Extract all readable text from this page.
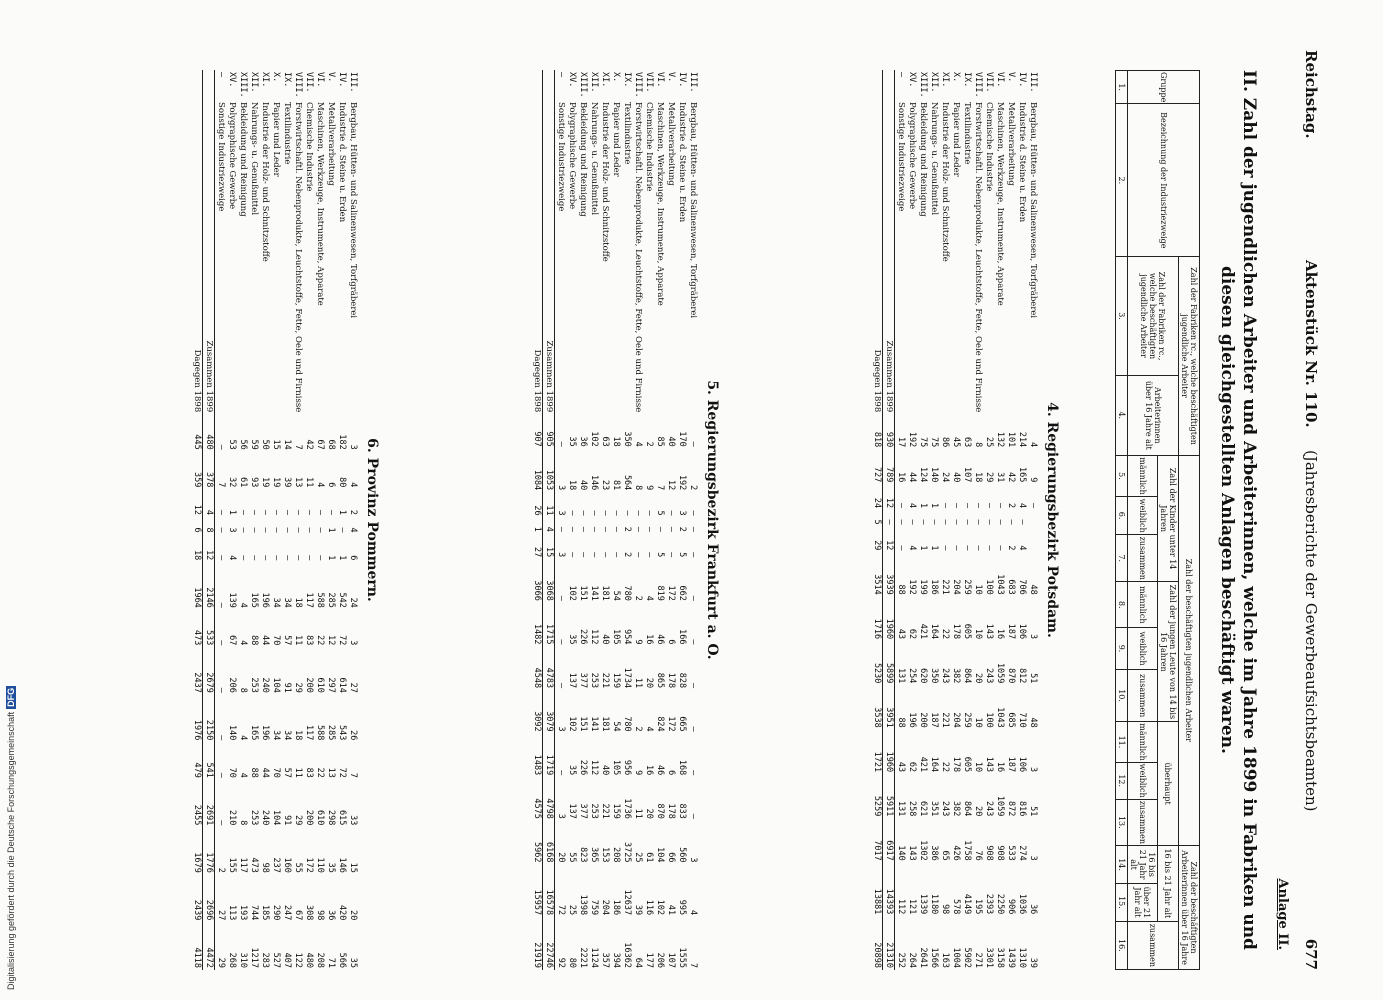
Reichstag.
Aktenstück Nr. 110.
(Jahresberichte der Gewerbeaufsichtsbeamten)
677
Anlage II.
II. Zahl der jugendlichen Arbeiter und Arbeiterinnen, welche im Jahre 1899 in Fabriken und diesen gleichgestellten Anlagen beschäftigt waren.
Gruppe	Bezeichnung der Industriezweige	Zahl der Fabriken rc., welche beschäftigten jugendliche Arbeiter		Zahl der beschäftigten jugendlichen Arbeiter									Zahl der beschäftigten Arbeiterinnen über 16 Jahre		
		Zahl der Fabriken rc., welche beschäftigten jugendliche Arbeiter	Arbeiterinnen über 16 Jahre alt	Zahl der Kinder unter 14 Jahren			Zahl der jungen Leute von 14 bis 16 Jahren			überhaupt			16 bis 21 Jahr alt		zusammen
				männlich	weiblich	zusammen	männlich	weiblich	zusammen	männlich	weiblich	zusammen	16 bis 21 Jahr alt	über 21 Jahr alt	
1.	2.	3.	4.	5.	6.	7.	8.	9.	10.	11.	12.	13.	14.	15.	16.
4. Regierungsbezirk Potsdam.
III.	Bergbau, Hütten- und Salinenwesen, Torfgräberei	4	9	—			48	3	51	48	3	51	3	36	39
IV.	Industrie d. Steine u. Erden	214	165	4	—	4	706	106	812	710	106	816	274	1036	1310
V.	Metallverarbeitung	101	42	2	—	2	683	187	870	685	187	872	533	906	1439
VI.	Maschinen, Werkzeuge, Instrumente, Apparate	132	31	—	—	—	1043	16	1059	1043	16	1059	908	2250	3158
VII.	Chemische Industrie	25	29	—	—	—	100	143	243	100	143	243	908	2393	3301
VIII.	Forstwirtschaftl. Nebenprodukte, Leuchtstoffe, Fette, Oele und Firnisse	8	18	—	—	—	10	10	20	10	10	20	76	195	271
IX.	Textilindustrie	63	107	—	—	—	259	605	864	259	605	864	1758	4149	5902
X.	Papier und Leder	45	40	—	—	—	204	178	382	204	178	382	426	578	1004
XI.	Industrie der Holz- und Schnitzstoffe	86	24	—	—	—	221	22	243	221	22	243	65	98	163
XII.	Nahrungs- u. Genußmittel	75	140	1	—	1	186	164	350	187	164	351	386	1180	1566
XIII.	Bekleidung und Reinigung	75	124	1	—	1	199	421	620	200	421	621	1302	1339	2641
XV.	Polygraphische Gewerbe	192	44	4	—	4	192	62	254	196	62	258	143	121	264
—	Sonstige Industriezweige	17	16	—	—	—	88	43	131	88	43	131	140	112	252
	Zusammen 1899	930	789	12	—	12	3939	1960	5899	3951	1960	5911	6917	14393	21310
	Dagegen 1898	818	727	24	5	29	3514	1716	5230	3538	1721	5259	7017	13881	20898
5. Regierungsbezirk Frankfurt a. O.
III.	Bergbau, Hütten- und Salinenwesen, Torfgräberei	—	2	—	—	—	—	—	—	—	—	—	3	4	7
IV.	Industrie d. Steine u. Erden	170	192	3	2	5	662	166	828	665	168	833	560	995	1555
V.	Metallverarbeitung	40	12	—	—	—	172	6	178	172	6	178	66	41	107
VI.	Maschinen, Werkzeuge, Instrumente, Apparate	85	7	5	—	5	819	46	865	824	46	870	104	102	206
VII.	Chemische Industrie	2	9	—	—	—	4	16	20	4	16	20	61	116	177
VIII.	Forstwirtschaftl. Nebenprodukte, Leuchtstoffe, Fette, Oele und Firnisse	4	8	—	—	—	2	9	11	2	9	11	25	39	64
IX.	Textilindustrie	350	564	—	2	2	780	954	1734	780	956	1736	3725	12637	16362
X.	Papier und Leder	18	81	—	—	—	54	105	159	54	105	159	208	186	394
XI.	Industrie der Holz- und Schnitzstoffe	63	23	—	—	—	181	40	221	181	40	221	153	204	357
XII.	Nahrungs- u. Genußmittel	102	146	—	—	—	141	112	253	141	112	253	365	759	1124
XIII.	Bekleidung und Reinigung	36	40	—	—	—	151	226	377	151	226	377	823	1398	2221
XV.	Polygraphische Gewerbe	35	18	—	—	—	102	35	137	102	35	137	55	25	80
—	Sonstige Industriezweige	—	3	3	—	3	—	—	—	3	—	3	20	72	92
	Zusammen 1899	905	1053	11	4	15	3068	1715	4783	3079	1719	4798	6168	16578	22746
	Dagegen 1898	907	1084	26	1	27	3066	1482	4548	3092	1483	4575	5962	15957	21919
6. Provinz Pommern.
III.	Bergbau, Hütten- und Salinenwesen, Torfgräberei	3	4	2	4	6	24	3	27	26	7	33	15	20	35
IV.	Industrie d. Steine u. Erden	182	80	1	—	1	542	72	614	543	72	615	146	420	566
V.	Metallverarbeitung	68	6	—	1	1	285	12	297	285	13	298	35	36	71
VI.	Maschinen, Werkzeuge, Instrumente, Apparate	67	4	—	—	—	588	22	610	588	22	610	110	98	208
VII.	Chemische Industrie	42	11	—	—	—	117	83	200	117	83	200	172	308	480
VIII.	Forstwirtschaftl. Nebenprodukte, Leuchtstoffe, Fette, Oele und Firnisse	7	13	—	—	—	18	11	29	18	11	29	55	67	122
IX.	Textilindustrie	14	39	—	—	—	34	57	91	34	57	91	160	247	407
X.	Papier und Leder	15	19	—	—	—	34	70	104	34	70	104	237	290	527
XI.	Industrie der Holz- und Schnitzstoffe	50	19	—	—	—	196	44	240	196	44	240	98	185	283
XII.	Nahrungs- u. Genußmittel	59	93	—	—	—	165	88	253	165	88	253	473	744	1217
XIII.	Bekleidung und Reinigung	56	61	—	—	—	4	4	8	4	4	8	117	193	310
XV.	Polygraphische Gewerbe	53	32	1	3	4	139	67	206	140	70	210	155	113	268
—	Sonstige Industriezweige	—	7	—	—	—	—	—	—	—	—	—	2	27	29
	Zusammen 1899	480	378	4	8	12	2146	533	2679	2150	541	2691	1776	2696	4472
	Dagegen 1898	445	359	12	6	18	1964	473	2437	1976	479	2455	1679	2439	4118
Digitalisierung gefördert durch die Deutsche ForschungsgemeinschaftDFG
